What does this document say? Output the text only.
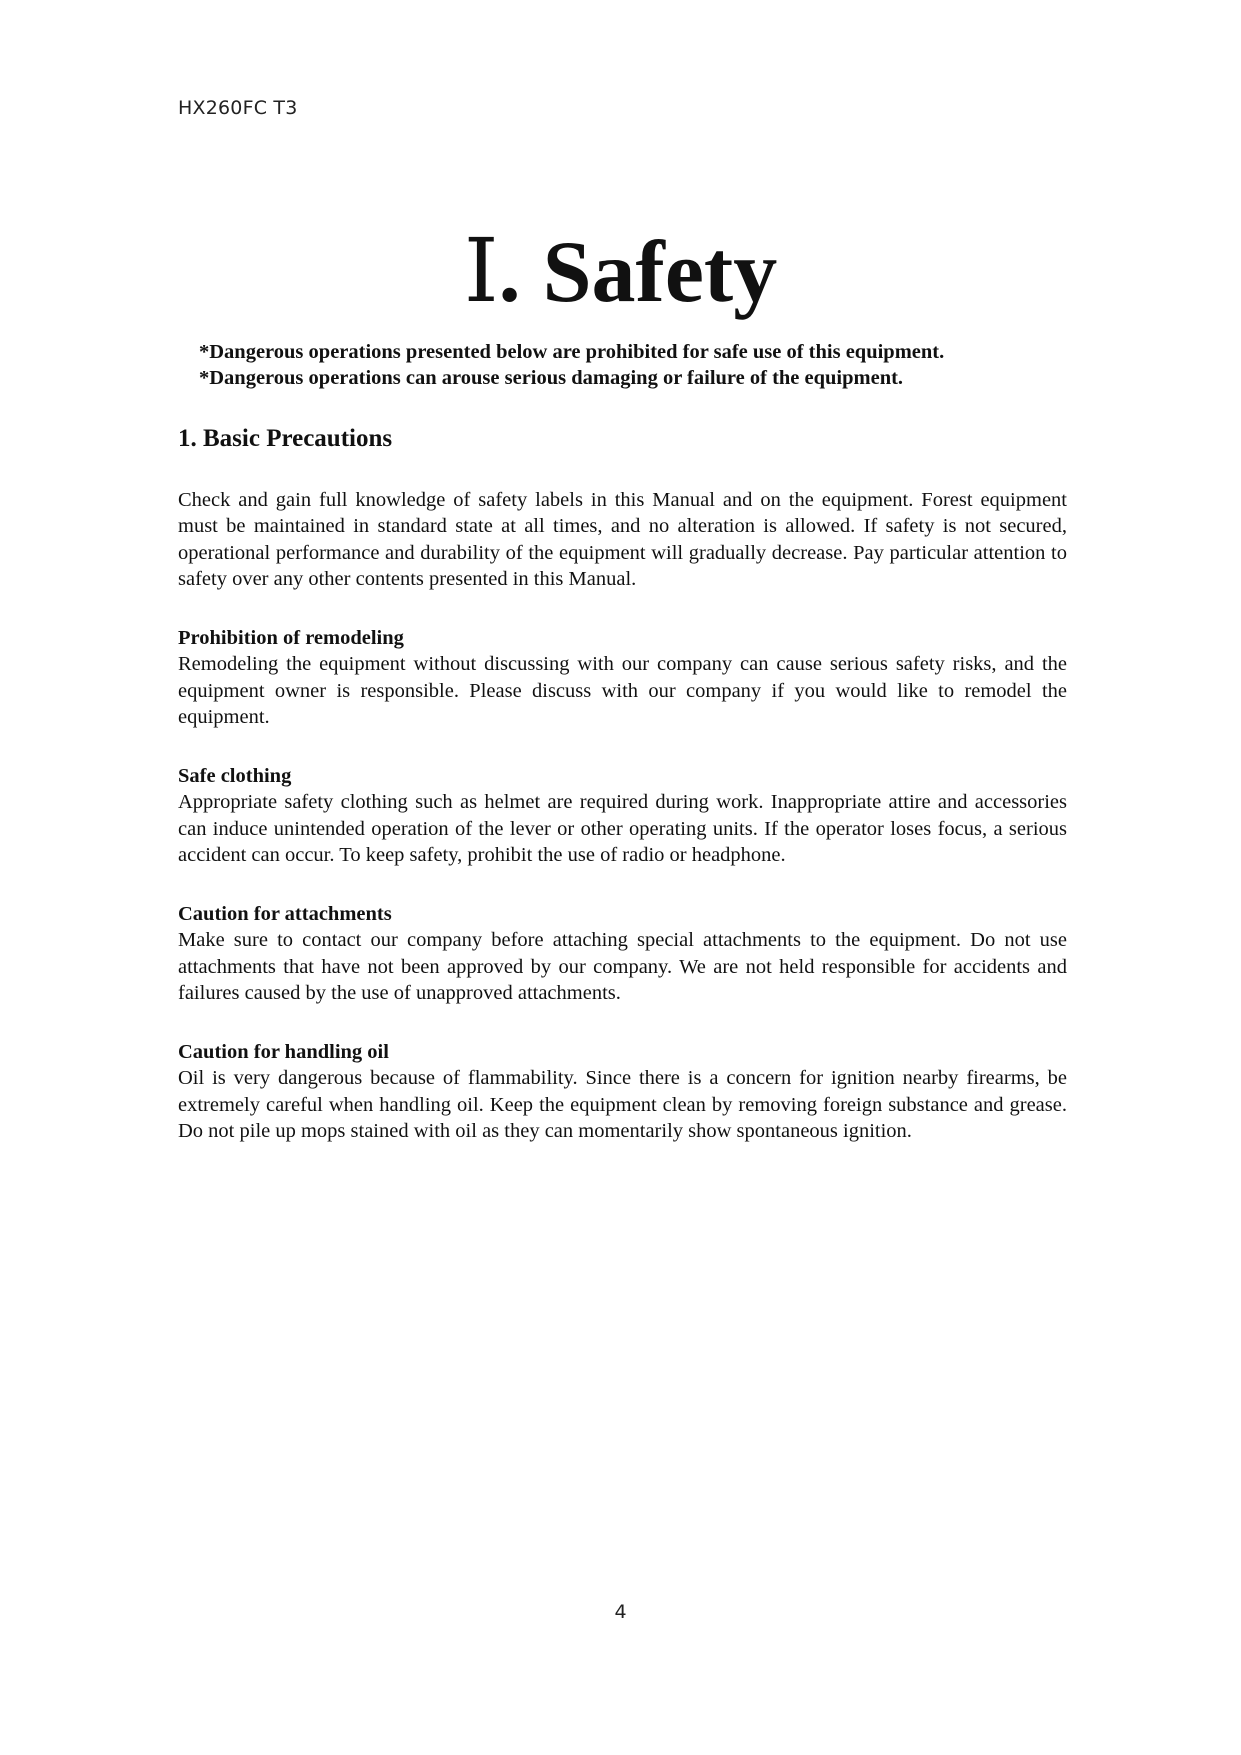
HX260FC T3
Ⅰ. Safety
*Dangerous operations presented below are prohibited for safe use of this equipment.
*Dangerous operations can arouse serious damaging or failure of the equipment.
1. Basic Precautions

Check and gain full knowledge of safety labels in this Manual and on the equipment. Forest equipment must be maintained in standard state at all times, and no alteration is allowed. If safety is not secured, operational performance and durability of the equipment will gradually decrease. Pay particular attention to safety over any other contents presented in this Manual.

Prohibition of remodeling
Remodeling the equipment without discussing with our company can cause serious safety risks, and the equipment owner is responsible. Please discuss with our company if you would like to remodel the equipment.
Safe clothing
Appropriate safety clothing such as helmet are required during work. Inappropriate attire and accessories can induce unintended operation of the lever or other operating units. If the operator loses focus, a serious accident can occur. To keep safety, prohibit the use of radio or headphone.
Caution for attachments
Make sure to contact our company before attaching special attachments to the equipment. Do not use attachments that have not been approved by our company. We are not held responsible for accidents and failures caused by the use of unapproved attachments.
Caution for handling oil
Oil is very dangerous because of flammability. Since there is a concern for ignition nearby firearms, be extremely careful when handling oil. Keep the equipment clean by removing foreign substance and grease. Do not pile up mops stained with oil as they can momentarily show spontaneous ignition.
4
